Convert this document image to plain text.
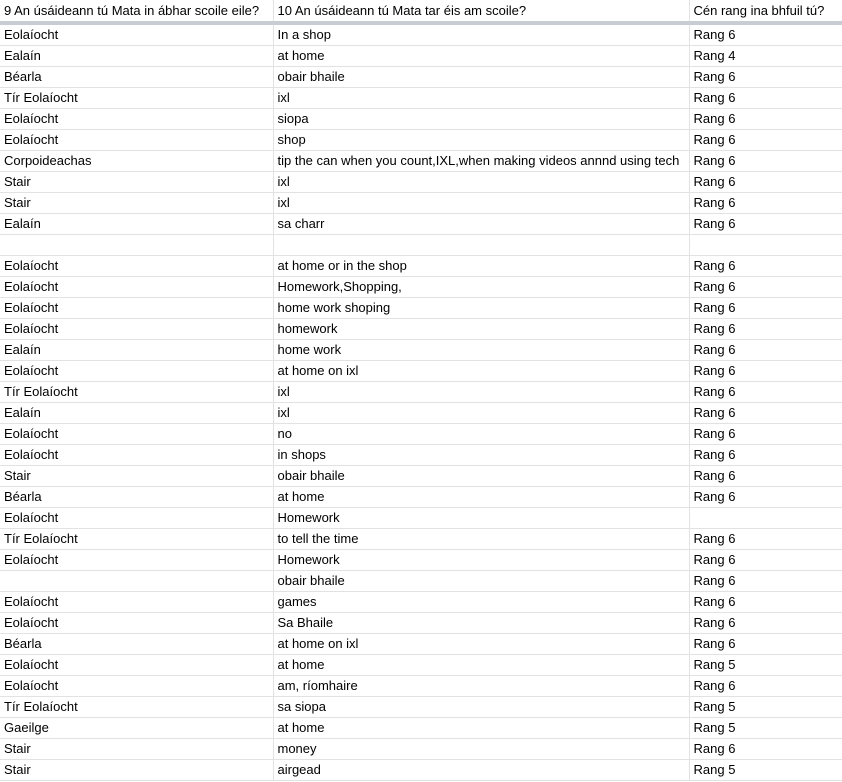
9 An úsáideann tú Mata in ábhar scoile eile?	10 An úsáideann tú Mata tar éis am scoile?	Cén rang ina bhfuil tú?
Eolaíocht	In a shop	Rang 6
Ealaín	at home	Rang 4
Béarla	obair bhaile	Rang 6
Tír Eolaíocht	ixl	Rang 6
Eolaíocht	siopa	Rang 6
Eolaíocht	shop	Rang 6
Corpoideachas	tip the can when you count,IXL,when making videos annnd using tech	Rang 6
Stair	ixl	Rang 6
Stair	ixl	Rang 6
Ealaín	sa charr	Rang 6

Eolaíocht	at home or in the shop	Rang 6
Eolaíocht	Homework,Shopping,	Rang 6
Eolaíocht	home work shoping	Rang 6
Eolaíocht	homework	Rang 6
Ealaín	home work	Rang 6
Eolaíocht	at home on ixl	Rang 6
Tír Eolaíocht	ixl	Rang 6
Ealaín	ixl	Rang 6
Eolaíocht	no	Rang 6
Eolaíocht	in shops	Rang 6
Stair	obair bhaile	Rang 6
Béarla	at home	Rang 6
Eolaíocht	Homework	
Tír Eolaíocht	to tell the time	Rang 6
Eolaíocht	Homework	Rang 6
	obair bhaile	Rang 6
Eolaíocht	games	Rang 6
Eolaíocht	Sa Bhaile	Rang 6
Béarla	at home on ixl	Rang 6
Eolaíocht	at home	Rang 5
Eolaíocht	am, ríomhaire	Rang 6
Tír Eolaíocht	sa siopa	Rang 5
Gaeilge	at home	Rang 5
Stair	money	Rang 6
Stair	airgead	Rang 5
